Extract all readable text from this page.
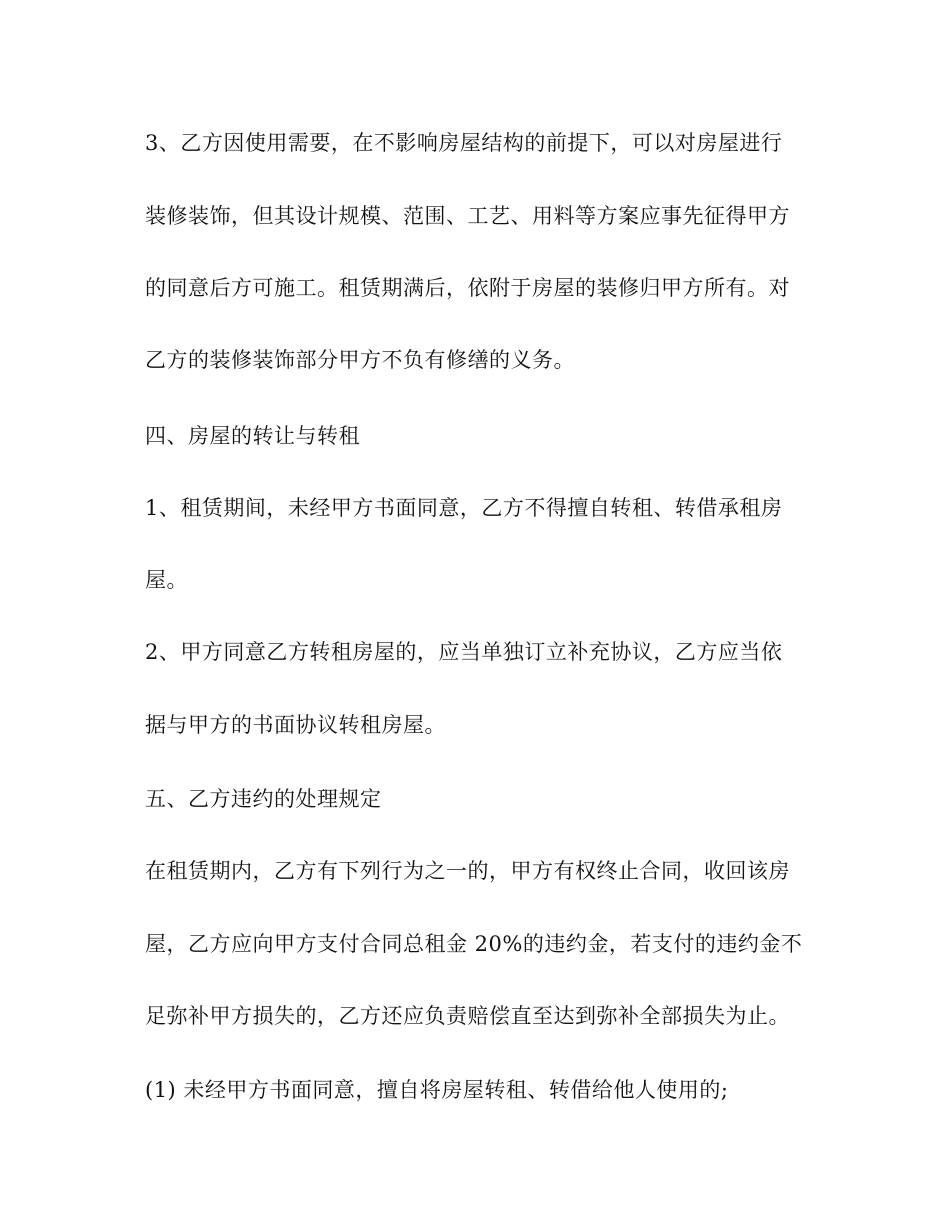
3、乙方因使用需要，在不影响房屋结构的前提下，可以对房屋进行
装修装饰，但其设计规模、范围、工艺、用料等方案应事先征得甲方
的同意后方可施工。租赁期满后，依附于房屋的装修归甲方所有。对
乙方的装修装饰部分甲方不负有修缮的义务。
四、房屋的转让与转租
1、租赁期间，未经甲方书面同意，乙方不得擅自转租、转借承租房
屋。
2、甲方同意乙方转租房屋的，应当单独订立补充协议，乙方应当依
据与甲方的书面协议转租房屋。
五、乙方违约的处理规定
在租赁期内，乙方有下列行为之一的，甲方有权终止合同，收回该房
屋，乙方应向甲方支付合同总租金 20%的违约金，若支付的违约金不
足弥补甲方损失的，乙方还应负责赔偿直至达到弥补全部损失为止。
(1) 未经甲方书面同意，擅自将房屋转租、转借给他人使用的;
